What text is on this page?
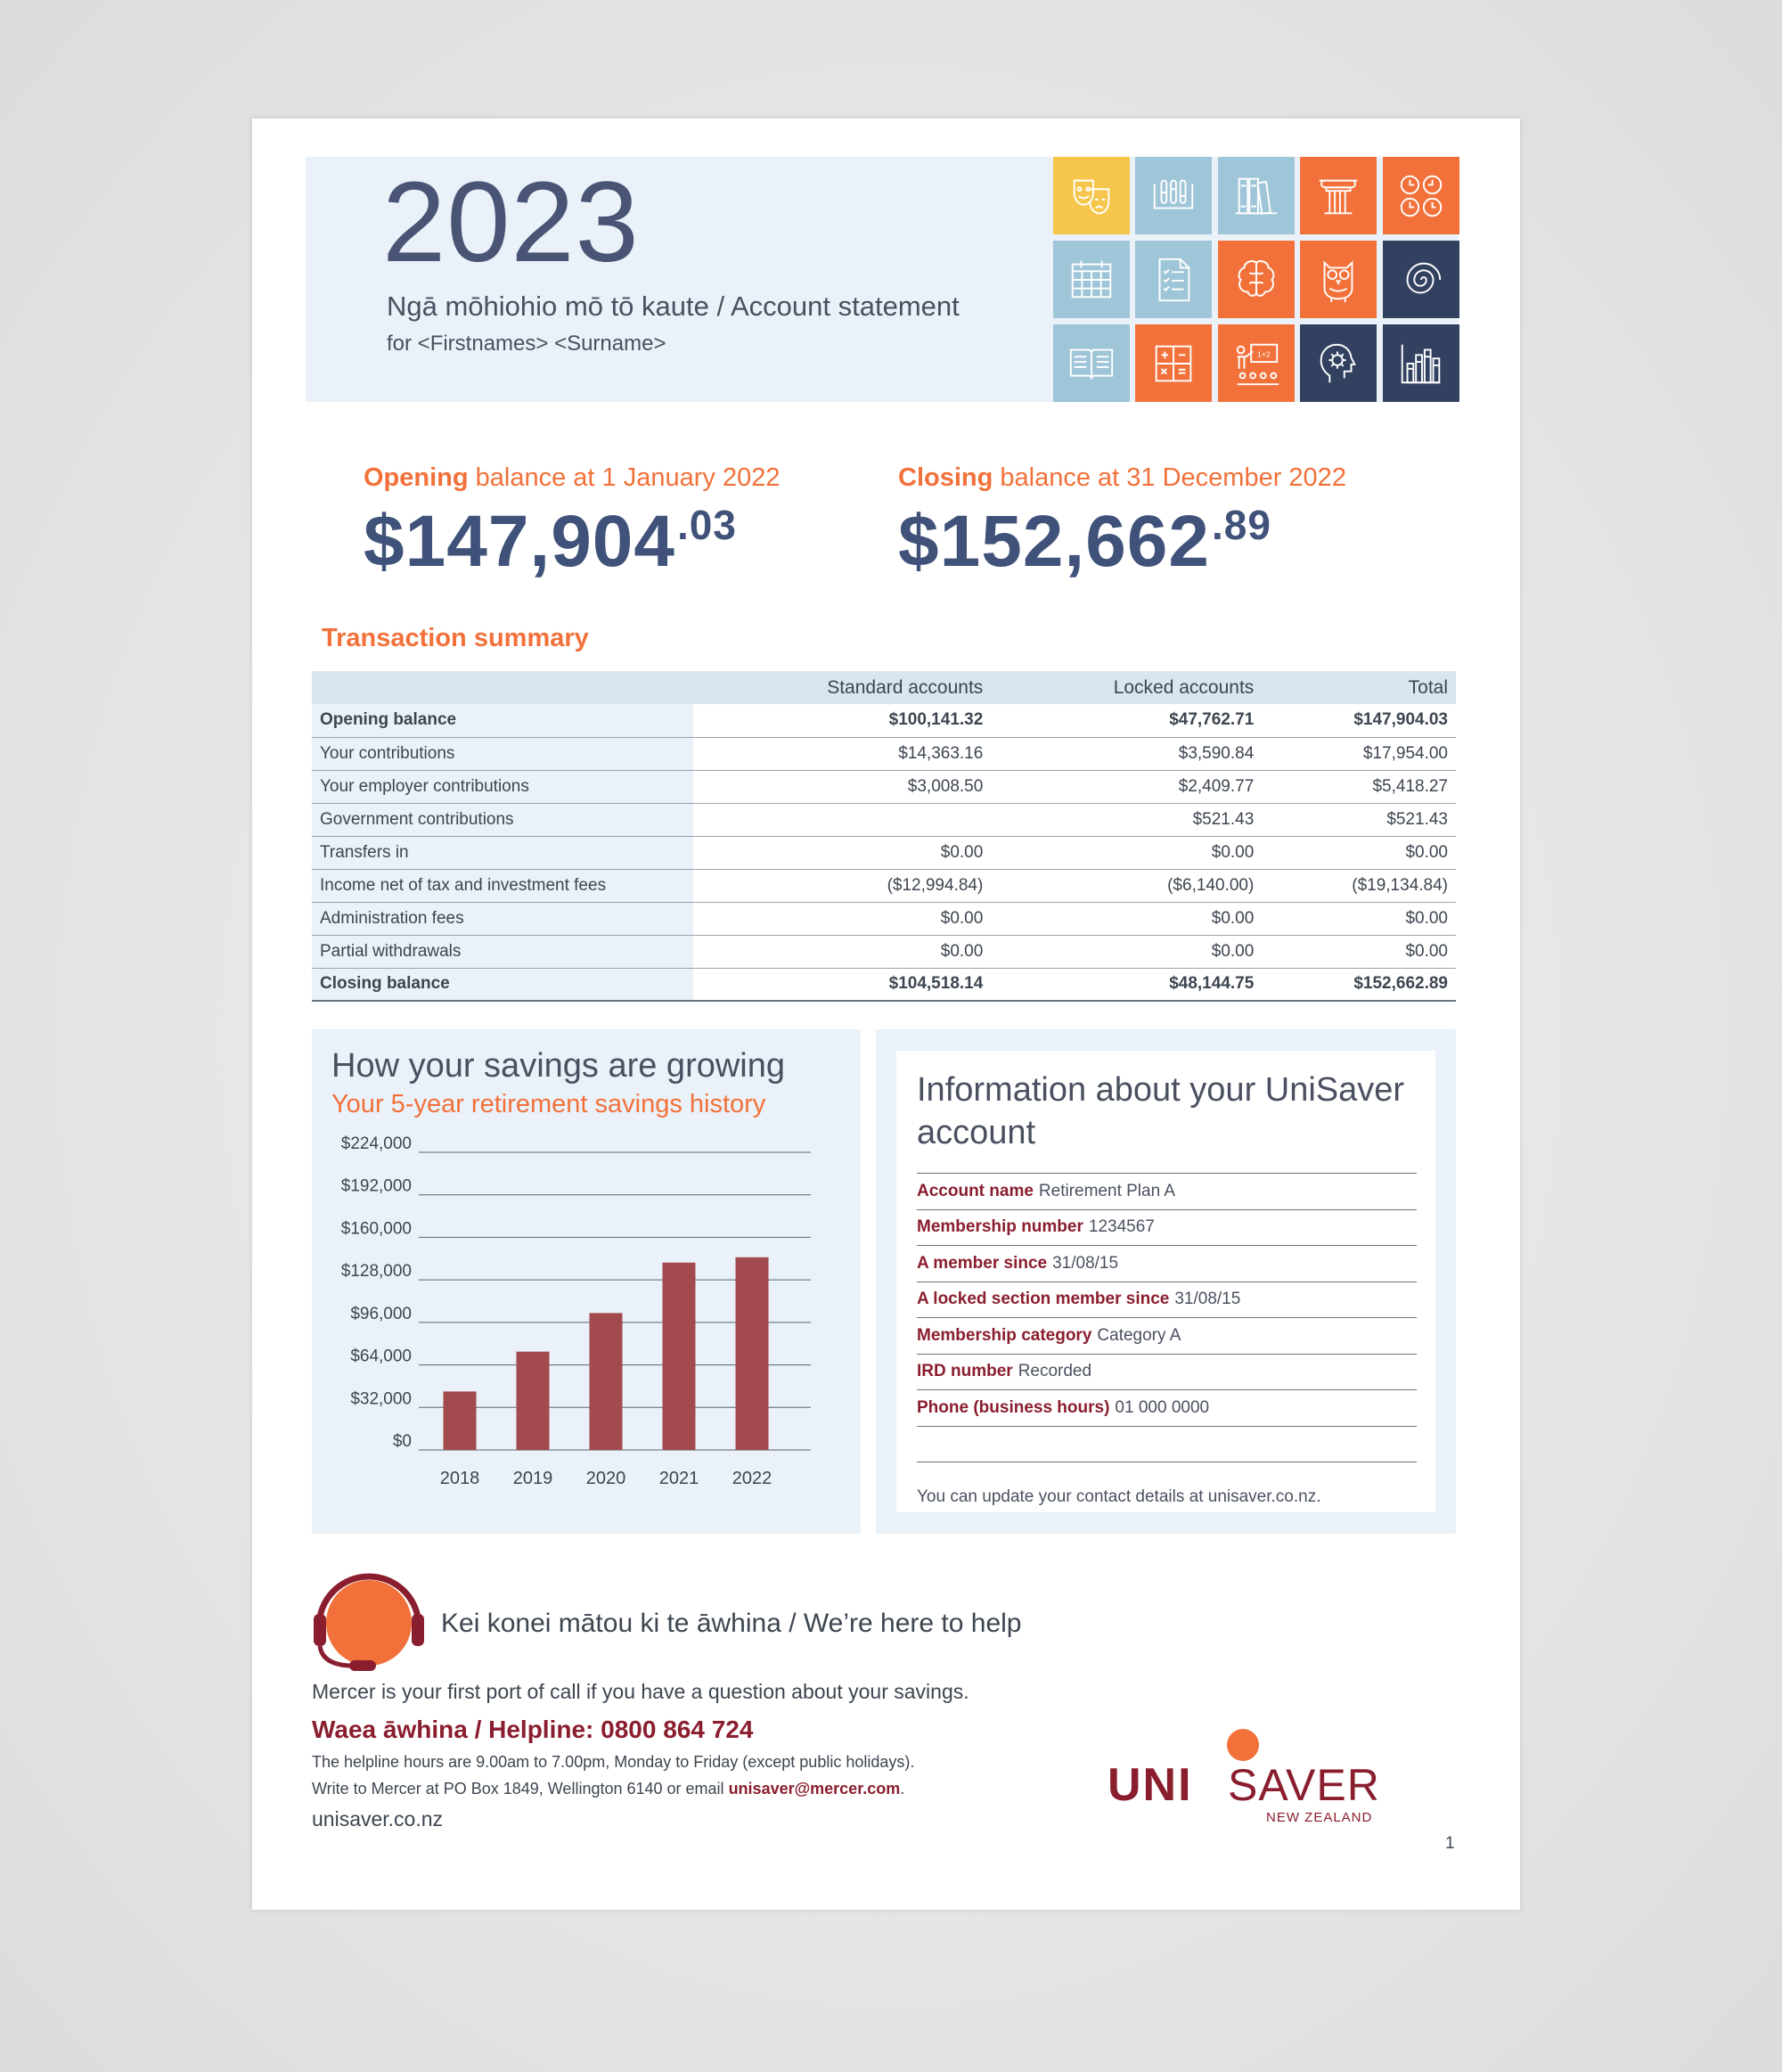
2023
Ngā mōhiohio mō tō kaute / Account statement
for <Firstnames> <Surname>	1+2
Opening balance at 1 January 2022
$\$147,904^{.03}$
Closing balance at 31 December 2022
$\$152,662^{.89}$
Transaction summary
	Standard accounts	Locked accounts	Total
Opening balance	$100,141.32	$47,762.71	$147,904.03
Your contributions	$14,363.16	$3,590.84	$17,954.00
Your employer contributions	$3,008.50	$2,409.77	$5,418.27
Government contributions		$521.43	$521.43
Transfers in	$0.00	$0.00	$0.00
Income net of tax and investment fees	($12,994.84)	($6,140.00)	($19,134.84)
Administration fees	$0.00	$0.00	$0.00
Partial withdrawals	$0.00	$0.00	$0.00
Closing balance	$104,518.14	$48,144.75	$152,662.89
How your savings are growing
Your 5-year retirement savings history
$0
$32,000
$64,000
$96,000
$128,000
$160,000
$192,000
$224,000
2018 2019 2020 2021 2022
Information about your UniSaver account
Account name Retirement Plan A
Membership number 1234567
A member since 31/08/15
A locked section member since 31/08/15
Membership category Category A
IRD number Recorded
Phone (business hours) 01 000 0000
You can update your contact details at unisaver.co.nz.
Kei konei mātou ki te āwhina / We’re here to help
Mercer is your first port of call if you have a question about your savings.
Waea āwhina / Helpline: 0800 864 724
The helpline hours are 9.00am to 7.00pm, Monday to Friday (except public holidays).
Write to Mercer at PO Box 1849, Wellington 6140 or email unisaver@mercer.com.
unisaver.co.nz
UNI SAVER
NEW ZEALAND
1
